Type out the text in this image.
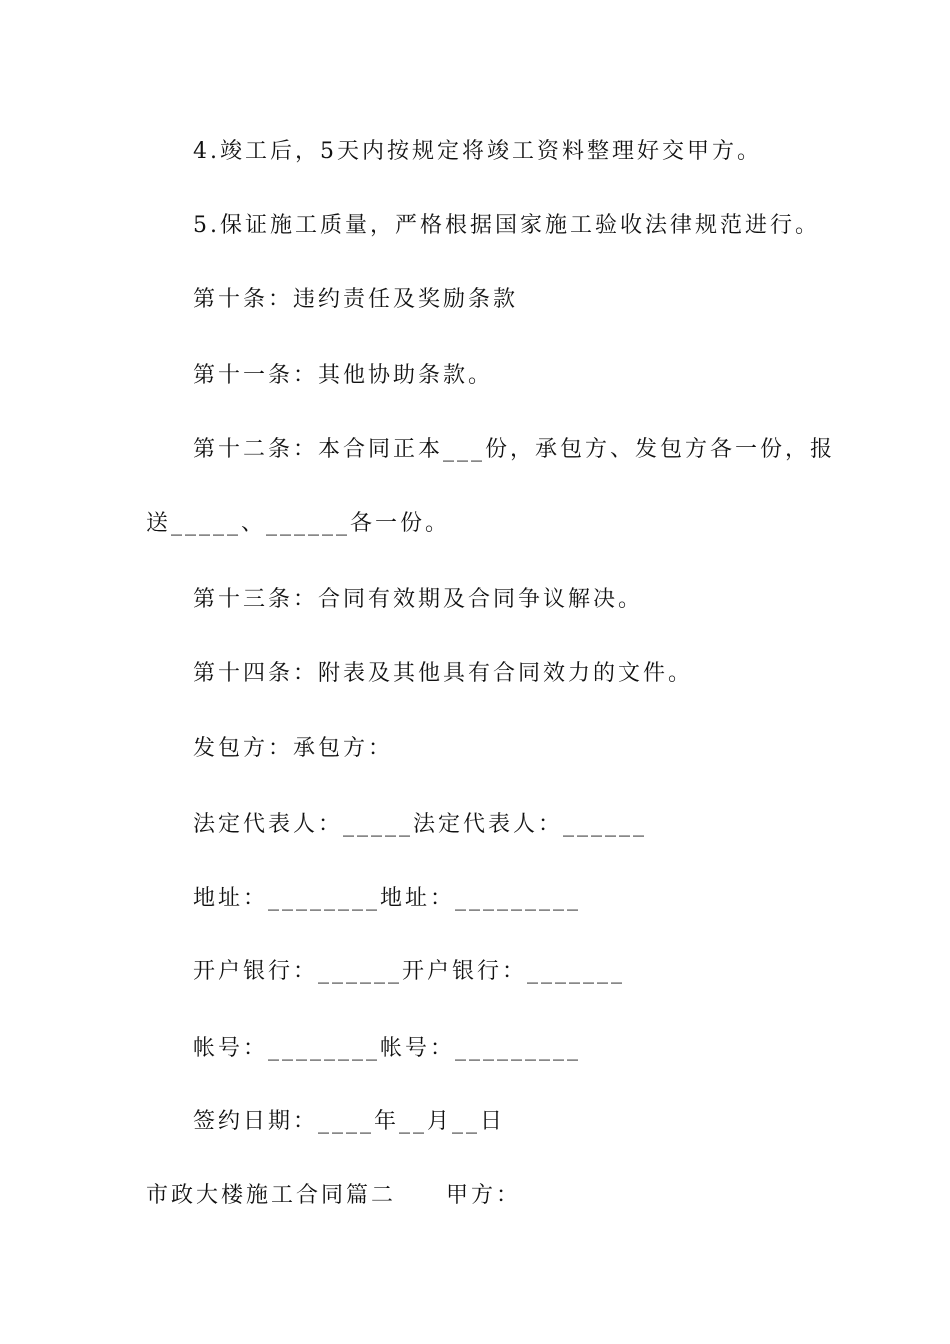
4.竣工后，5天内按规定将竣工资料整理好交甲方。
5.保证施工质量，严格根据国家施工验收法律规范进行。
第十条：违约责任及奖励条款
第十一条：其他协助条款。
第十二条：本合同正本___份，承包方、发包方各一份，报
送_____、______各一份。
第十三条：合同有效期及合同争议解决。
第十四条：附表及其他具有合同效力的文件。
发包方：承包方：
法定代表人：_____法定代表人：______
地址：________地址：_________
开户银行：______开户银行：_______
帐号：________帐号：_________
签约日期：____年__月__日
市政大楼施工合同篇二 甲方：
